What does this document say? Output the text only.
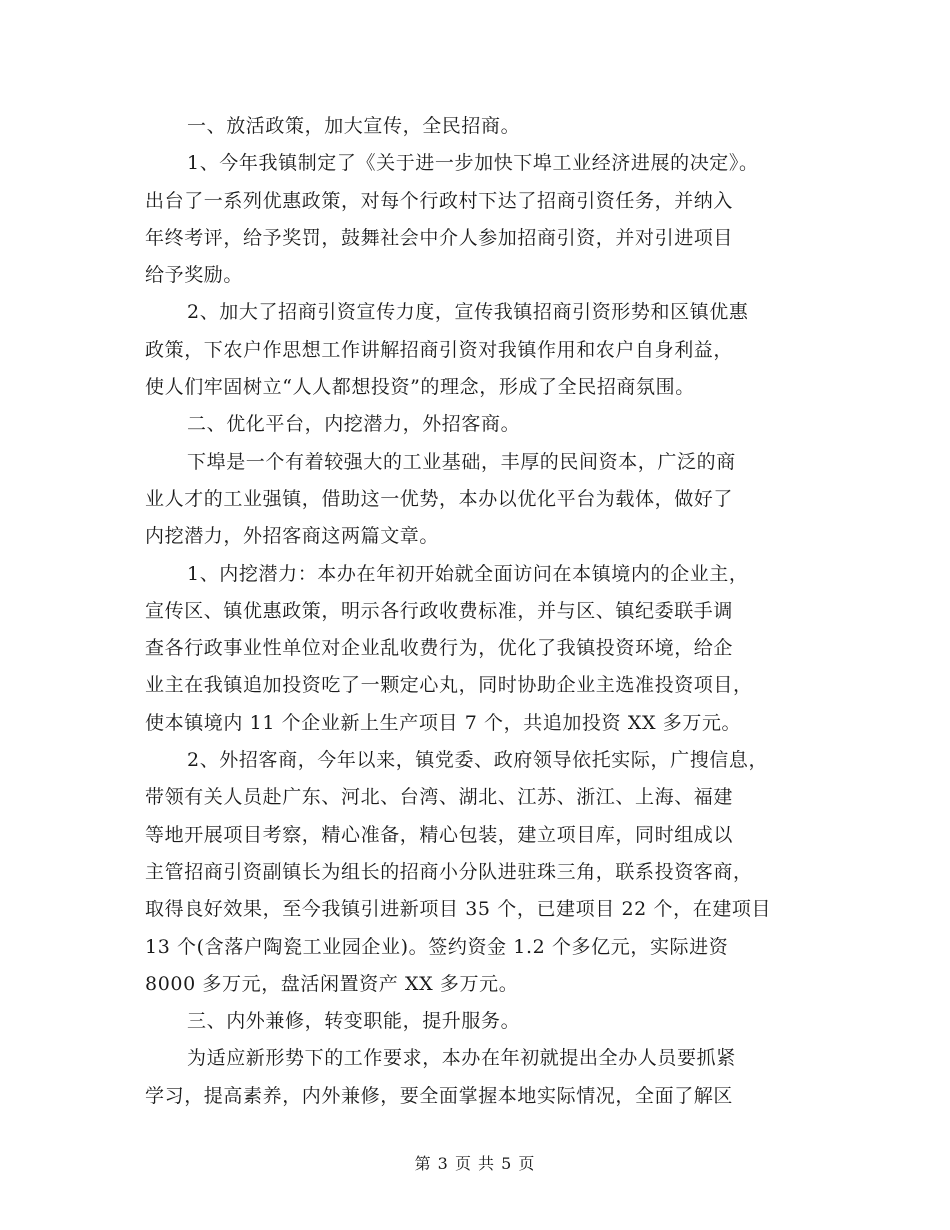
一、放活政策，加大宣传，全民招商。
1、今年我镇制定了《关于进一步加快下埠工业经济进展的决定》。
出台了一系列优惠政策，对每个行政村下达了招商引资任务，并纳入
年终考评，给予奖罚，鼓舞社会中介人参加招商引资，并对引进项目
给予奖励。
2、加大了招商引资宣传力度，宣传我镇招商引资形势和区镇优惠
政策，下农户作思想工作讲解招商引资对我镇作用和农户自身利益，
使人们牢固树立“人人都想投资”的理念，形成了全民招商氛围。
二、优化平台，内挖潜力，外招客商。
下埠是一个有着较强大的工业基础，丰厚的民间资本，广泛的商
业人才的工业强镇，借助这一优势，本办以优化平台为载体，做好了
内挖潜力，外招客商这两篇文章。
1、内挖潜力：本办在年初开始就全面访问在本镇境内的企业主，
宣传区、镇优惠政策，明示各行政收费标准，并与区、镇纪委联手调
查各行政事业性单位对企业乱收费行为，优化了我镇投资环境，给企
业主在我镇追加投资吃了一颗定心丸，同时协助企业主选准投资项目，
使本镇境内 11 个企业新上生产项目 7 个，共追加投资 XX 多万元。
2、外招客商，今年以来，镇党委、政府领导依托实际，广搜信息，
带领有关人员赴广东、河北、台湾、湖北、江苏、浙江、上海、福建
等地开展项目考察，精心准备，精心包装，建立项目库，同时组成以
主管招商引资副镇长为组长的招商小分队进驻珠三角，联系投资客商，
取得良好效果，至今我镇引进新项目 35 个，已建项目 22 个，在建项目
13 个(含落户陶瓷工业园企业)。签约资金 1.2 个多亿元，实际进资
8000 多万元，盘活闲置资产 XX 多万元。
三、内外兼修，转变职能，提升服务。
为适应新形势下的工作要求，本办在年初就提出全办人员要抓紧
学习，提高素养，内外兼修，要全面掌握本地实际情况，全面了解区
第 3 页 共 5 页
